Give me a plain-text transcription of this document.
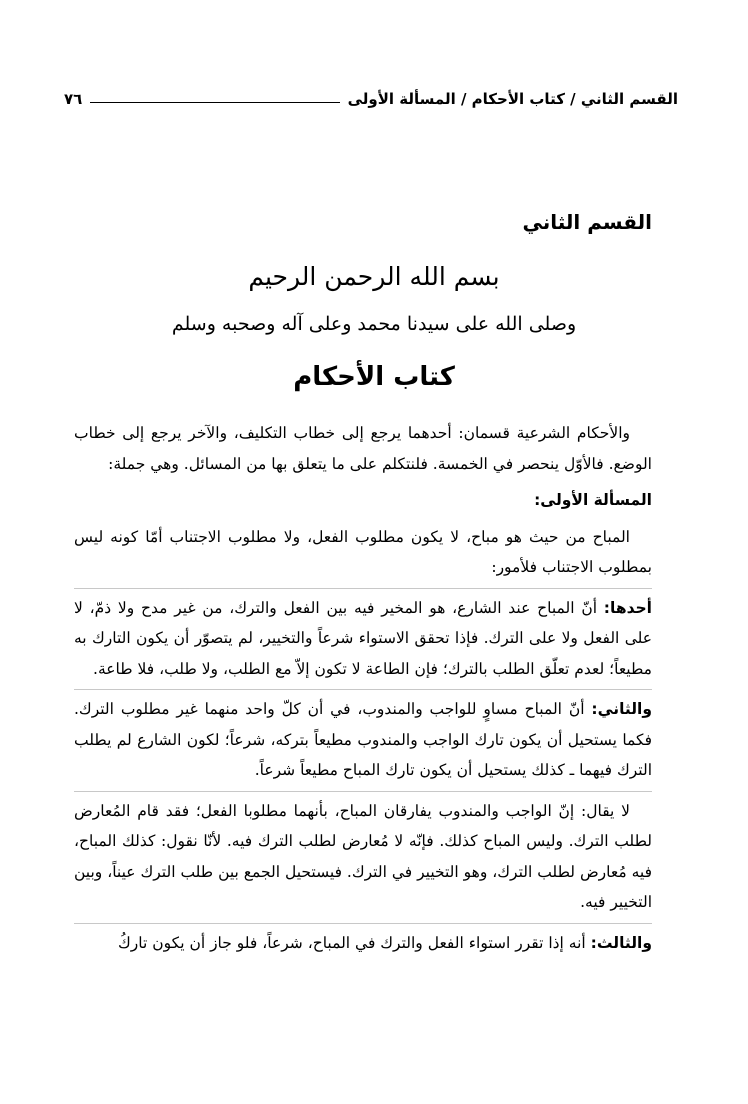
القسم الثاني / كتاب الأحكام / المسألة الأولى
٧٦
القسم الثاني

بسم الله الرحمن الرحيم

وصلى الله على سيدنا محمد وعلى آله وصحبه وسلم

كتاب الأحكام

والأحكام الشرعية قسمان: أحدهما يرجع إلى خطاب التكليف، والآخر يرجع إلى خطاب الوضع. فالأوّل ينحصر في الخمسة. فلنتكلم على ما يتعلق بها من المسائل. وهي جملة:

المسألة الأولى:

المباح من حيث هو مباح، لا يكون مطلوب الفعل، ولا مطلوب الاجتناب أمّا كونه ليس بمطلوب الاجتناب فلأمور:

أحدها: أنّ المباح عند الشارع، هو المخير فيه بين الفعل والترك، من غير مدح ولا ذمّ، لا على الفعل ولا على الترك. فإذا تحقق الاستواء شرعاً والتخيير، لم يتصوّر أن يكون التارك به مطيعاً؛ لعدم تعلّق الطلب بالترك؛ فإن الطاعة لا تكون إلاّ مع الطلب، ولا طلب، فلا طاعة.

والثاني: أنّ المباح مساوٍ للواجب والمندوب، في أن كلّ واحد منهما غير مطلوب الترك. فكما يستحيل أن يكون تارك الواجب والمندوب مطيعاً بتركه، شرعاً؛ لكون الشارع لم يطلب الترك فيهما ـ كذلك يستحيل أن يكون تارك المباح مطيعاً شرعاً.

لا يقال: إنّ الواجب والمندوب يفارقان المباح، بأنهما مطلوبا الفعل؛ فقد قام المُعارض لطلب الترك. وليس المباح كذلك. فإنّه لا مُعارض لطلب الترك فيه. لأنّا نقول: كذلك المباح، فيه مُعارض لطلب الترك، وهو التخيير في الترك. فيستحيل الجمع بين طلب الترك عيناً، وبين التخيير فيه.

والثالث: أنه إذا تقرر استواء الفعل والترك في المباح، شرعاً، فلو جاز أن يكون تاركُ
